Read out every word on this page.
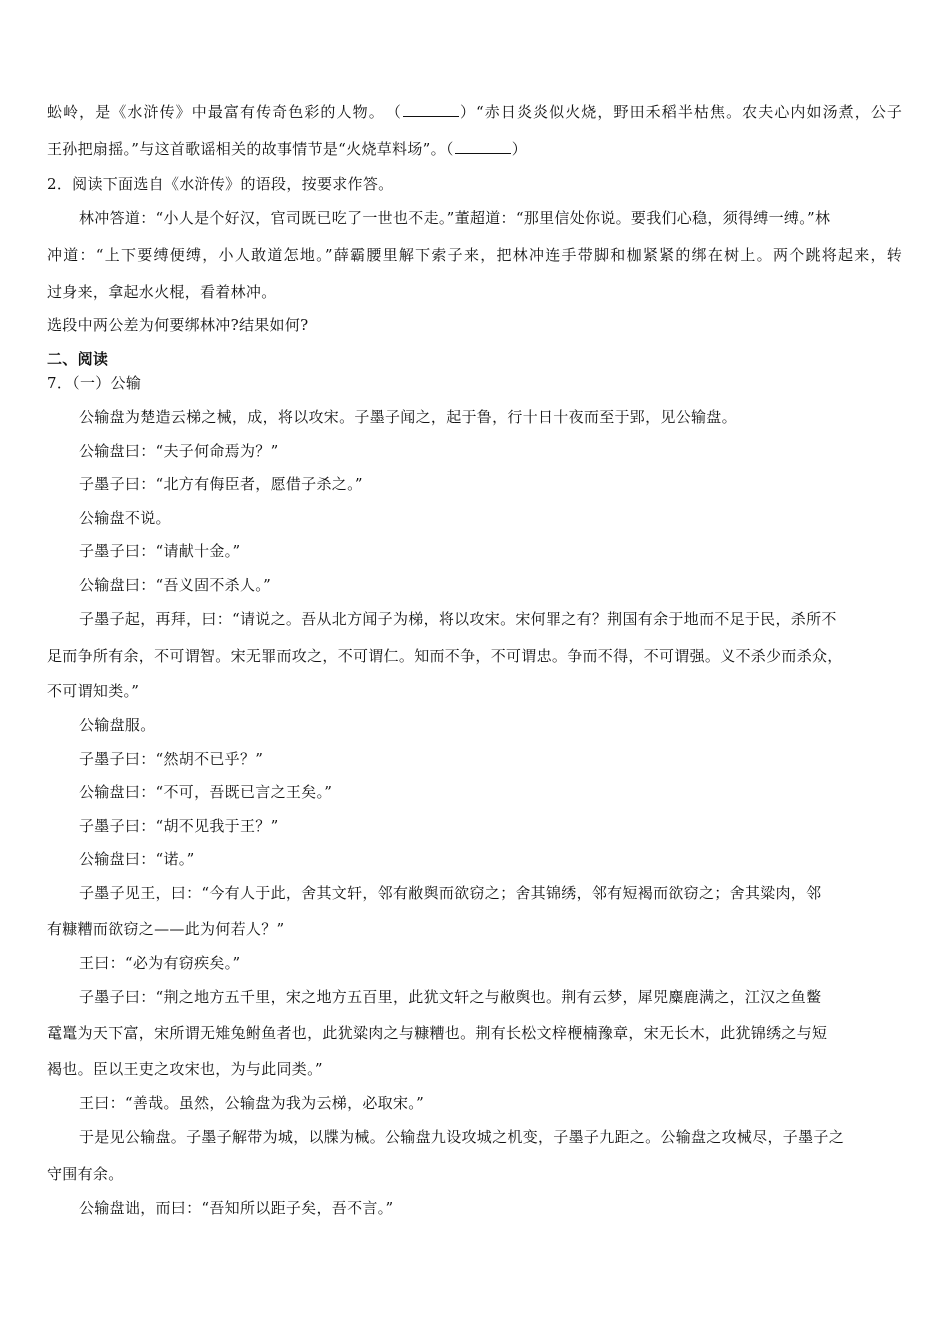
蚣岭，是《水浒传》中最富有传奇色彩的人物。　 （	）“赤日炎炎似火烧，野田禾稻半枯焦。农夫心内如汤煮，公子
王孙把扇摇。”与这首歌谣相关的故事情节是“火烧草料场”。（	）
2．阅读下面选自《水浒传》的语段，按要求作答。
林冲答道：“小人是个好汉，官司既已吃了一世也不走。”董超道：“那里信处你说。要我们心稳，须得缚一缚。”林
冲道：“上下要缚便缚，小人敢道怎地。”薛霸腰里解下索子来，把林冲连手带脚和枷紧紧的绑在树上。两个跳将起来，转
过身来，拿起水火棍，看着林冲。
选段中两公差为何要绑林冲?结果如何?
二、阅读
7．（一）公输
公输盘为楚造云梯之械，成，将以攻宋。子墨子闻之，起于鲁，行十日十夜而至于郢，见公输盘。
公输盘曰：“夫子何命焉为？”
子墨子曰：“北方有侮臣者，愿借子杀之。”
公输盘不说。
子墨子曰：“请献十金。”
公输盘曰：“吾义固不杀人。”
子墨子起，再拜，曰：“请说之。吾从北方闻子为梯，将以攻宋。宋何罪之有？荆国有余于地而不足于民，杀所不
足而争所有余，不可谓智。宋无罪而攻之，不可谓仁。知而不争，不可谓忠。争而不得，不可谓强。义不杀少而杀众，
不可谓知类。”
公输盘服。
子墨子曰：“然胡不已乎？”
公输盘曰：“不可，吾既已言之王矣。”
子墨子曰：“胡不见我于王？”
公输盘曰：“诺。”
子墨子见王，曰：“今有人于此，舍其文轩，邻有敝舆而欲窃之；舍其锦绣，邻有短褐而欲窃之；舍其粱肉，邻
有糠糟而欲窃之——此为何若人？”
王曰：“必为有窃疾矣。”
子墨子曰：“荆之地方五千里，宋之地方五百里，此犹文轩之与敝舆也。荆有云梦，犀兕麋鹿满之，江汉之鱼鳖
鼋鼍为天下富，宋所谓无雉兔鲋鱼者也，此犹粱肉之与糠糟也。荆有长松文梓楩楠豫章，宋无长木，此犹锦绣之与短
褐也。臣以王吏之攻宋也，为与此同类。”
王曰：“善哉。虽然，公输盘为我为云梯，必取宋。”
于是见公输盘。子墨子解带为城，以牒为械。公输盘九设攻城之机变，子墨子九距之。公输盘之攻械尽，子墨子之
守围有余。
公输盘诎，而曰：“吾知所以距子矣，吾不言。”
